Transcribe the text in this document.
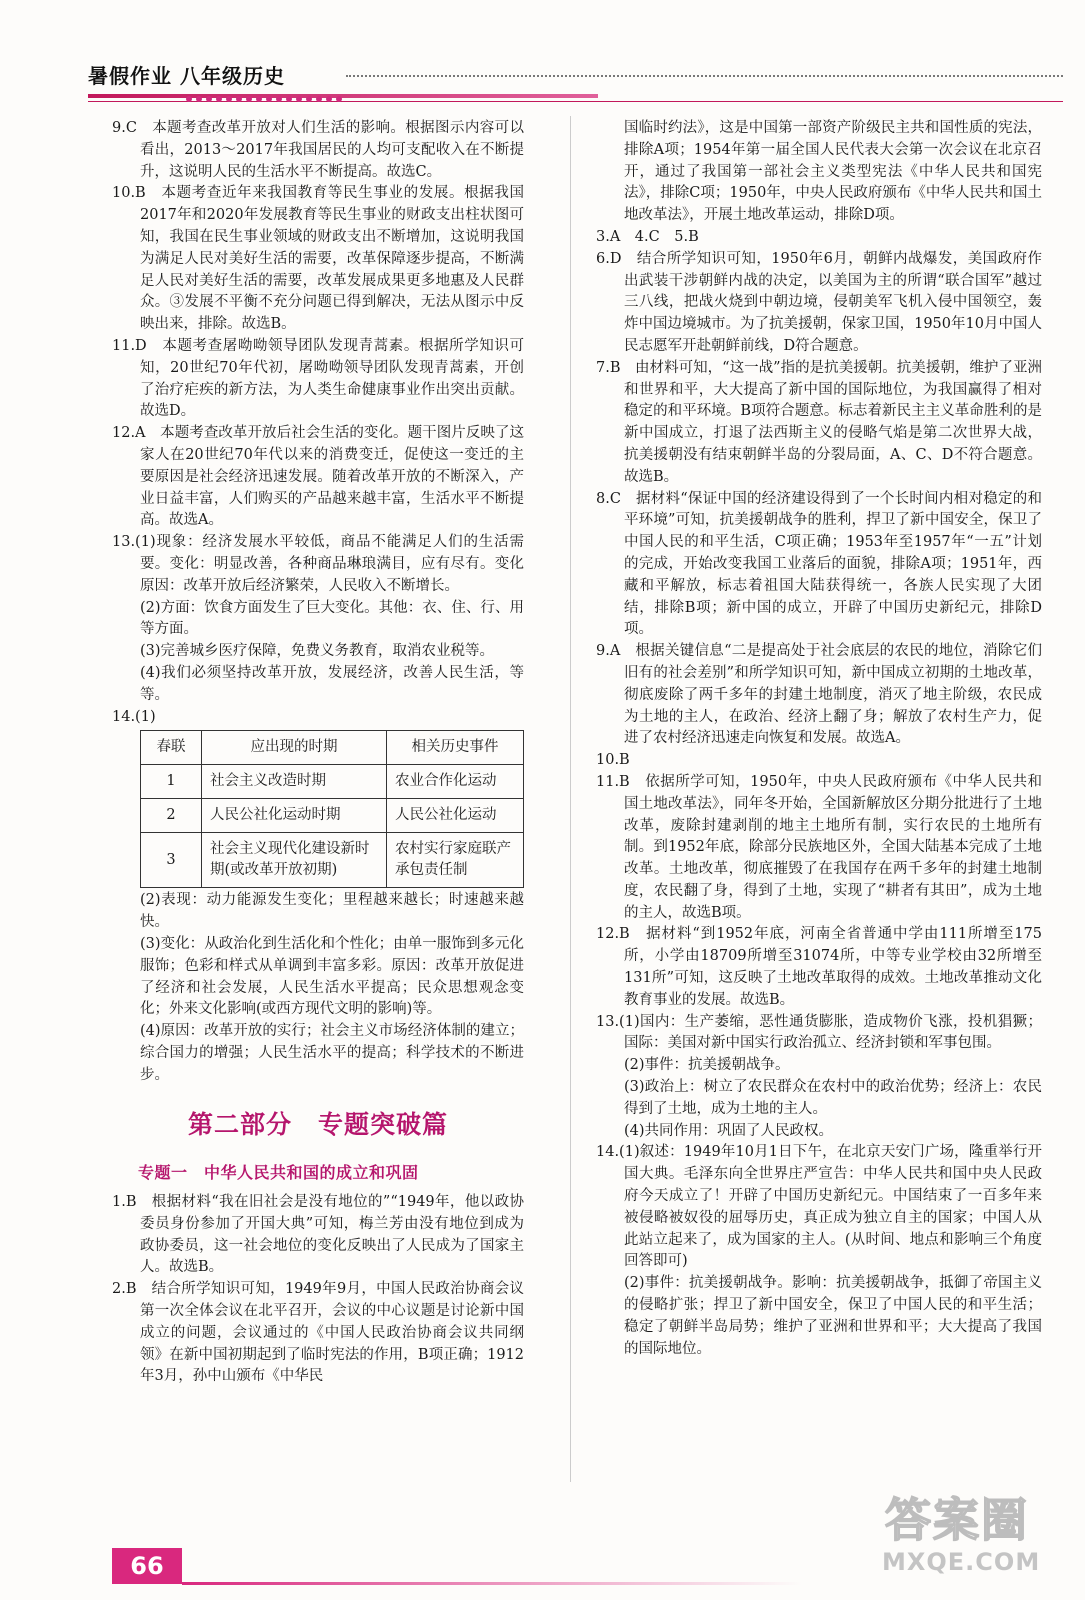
暑假作业 八年级历史

9.C　本题考查改革开放对人们生活的影响。根据图示内容可以看出，2013～2017年我国居民的人均可支配收入在不断提升，这说明人民的生活水平不断提高。故选C。

10.B　本题考查近年来我国教育等民生事业的发展。根据我国2017年和2020年发展教育等民生事业的财政支出柱状图可知，我国在民生事业领域的财政支出不断增加，这说明我国为满足人民对美好生活的需要，改革保障逐步提高，不断满足人民对美好生活的需要，改革发展成果更多地惠及人民群众。③发展不平衡不充分问题已得到解决，无法从图示中反映出来，排除。故选B。

11.D　本题考查屠呦呦领导团队发现青蒿素。根据所学知识可知，20世纪70年代初，屠呦呦领导团队发现青蒿素，开创了治疗疟疾的新方法，为人类生命健康事业作出突出贡献。故选D。

12.A　本题考查改革开放后社会生活的变化。题干图片反映了这家人在20世纪70年代以来的消费变迁，促使这一变迁的主要原因是社会经济迅速发展。随着改革开放的不断深入，产业日益丰富，人们购买的产品越来越丰富，生活水平不断提高。故选A。

13.(1)现象：经济发展水平较低，商品不能满足人们的生活需要。变化：明显改善，各种商品琳琅满目，应有尽有。变化原因：改革开放后经济繁荣，人民收入不断增长。

(2)方面：饮食方面发生了巨大变化。其他：衣、住、行、用等方面。

(3)完善城乡医疗保障，免费义务教育，取消农业税等。

(4)我们必须坚持改革开放，发展经济，改善人民生活，等等。

14.(1)

春联	应出现的时期	相关历史事件
1	社会主义改造时期	农业合作化运动
2	人民公社化运动时期	人民公社化运动
3	社会主义现代化建设新时期(或改革开放初期)	农村实行家庭联产承包责任制

(2)表现：动力能源发生变化；里程越来越长；时速越来越快。

(3)变化：从政治化到生活化和个性化；由单一服饰到多元化服饰；色彩和样式从单调到丰富多彩。原因：改革开放促进了经济和社会发展，人民生活水平提高；民众思想观念变化；外来文化影响(或西方现代文明的影响)等。

(4)原因：改革开放的实行；社会主义市场经济体制的建立；综合国力的增强；人民生活水平的提高；科学技术的不断进步。

第二部分　专题突破篇
专题一　中华人民共和国的成立和巩固

1.B　根据材料“我在旧社会是没有地位的”“1949年，他以政协委员身份参加了开国大典”可知，梅兰芳由没有地位到成为政协委员，这一社会地位的变化反映出了人民成为了国家主人。故选B。

2.B　结合所学知识可知，1949年9月，中国人民政治协商会议第一次全体会议在北平召开，会议的中心议题是讨论新中国成立的问题，会议通过的《中国人民政治协商会议共同纲领》在新中国初期起到了临时宪法的作用，B项正确；1912年3月，孙中山颁布《中华民

国临时约法》，这是中国第一部资产阶级民主共和国性质的宪法，排除A项；1954年第一届全国人民代表大会第一次会议在北京召开，通过了我国第一部社会主义类型宪法《中华人民共和国宪法》，排除C项；1950年，中央人民政府颁布《中华人民共和国土地改革法》，开展土地改革运动，排除D项。

3.A　4.C　5.B

6.D　结合所学知识可知，1950年6月，朝鲜内战爆发，美国政府作出武装干涉朝鲜内战的决定，以美国为主的所谓“联合国军”越过三八线，把战火烧到中朝边境，侵朝美军飞机入侵中国领空，轰炸中国边境城市。为了抗美援朝，保家卫国，1950年10月中国人民志愿军开赴朝鲜前线，D符合题意。

7.B　由材料可知，“这一战”指的是抗美援朝。抗美援朝，维护了亚洲和世界和平，大大提高了新中国的国际地位，为我国赢得了相对稳定的和平环境。B项符合题意。标志着新民主主义革命胜利的是新中国成立，打退了法西斯主义的侵略气焰是第二次世界大战，抗美援朝没有结束朝鲜半岛的分裂局面，A、C、D不符合题意。故选B。

8.C　据材料“保证中国的经济建设得到了一个长时间内相对稳定的和平环境”可知，抗美援朝战争的胜利，捍卫了新中国安全，保卫了中国人民的和平生活，C项正确；1953年至1957年“一五”计划的完成，开始改变我国工业落后的面貌，排除A项；1951年，西藏和平解放，标志着祖国大陆获得统一，各族人民实现了大团结，排除B项；新中国的成立，开辟了中国历史新纪元，排除D项。

9.A　根据关键信息“二是提高处于社会底层的农民的地位，消除它们旧有的社会差别”和所学知识可知，新中国成立初期的土地改革，彻底废除了两千多年的封建土地制度，消灭了地主阶级，农民成为土地的主人，在政治、经济上翻了身；解放了农村生产力，促进了农村经济迅速走向恢复和发展。故选A。

10.B

11.B　依据所学可知，1950年，中央人民政府颁布《中华人民共和国土地改革法》，同年冬开始，全国新解放区分期分批进行了土地改革，废除封建剥削的地主土地所有制，实行农民的土地所有制。到1952年底，除部分民族地区外，全国大陆基本完成了土地改革。土地改革，彻底摧毁了在我国存在两千多年的封建土地制度，农民翻了身，得到了土地，实现了“耕者有其田”，成为土地的主人，故选B项。

12.B　据材料“到1952年底，河南全省普通中学由111所增至175所，小学由18709所增至31074所，中等专业学校由32所增至131所”可知，这反映了土地改革取得的成效。土地改革推动文化教育事业的发展。故选B。

13.(1)国内：生产萎缩，恶性通货膨胀，造成物价飞涨，投机猖獗；国际：美国对新中国实行政治孤立、经济封锁和军事包围。

(2)事件：抗美援朝战争。

(3)政治上：树立了农民群众在农村中的政治优势；经济上：农民得到了土地，成为土地的主人。

(4)共同作用：巩固了人民政权。

14.(1)叙述：1949年10月1日下午，在北京天安门广场，隆重举行开国大典。毛泽东向全世界庄严宣告：中华人民共和国中央人民政府今天成立了！开辟了中国历史新纪元。中国结束了一百多年来被侵略被奴役的屈辱历史，真正成为独立自主的国家；中国人从此站立起来了，成为国家的主人。(从时间、地点和影响三个角度回答即可)

(2)事件：抗美援朝战争。影响：抗美援朝战争，抵御了帝国主义的侵略扩张；捍卫了新中国安全，保卫了中国人民的和平生活；稳定了朝鲜半岛局势；维护了亚洲和世界和平；大大提高了我国的国际地位。

66
答案圈
MXQE.COM
